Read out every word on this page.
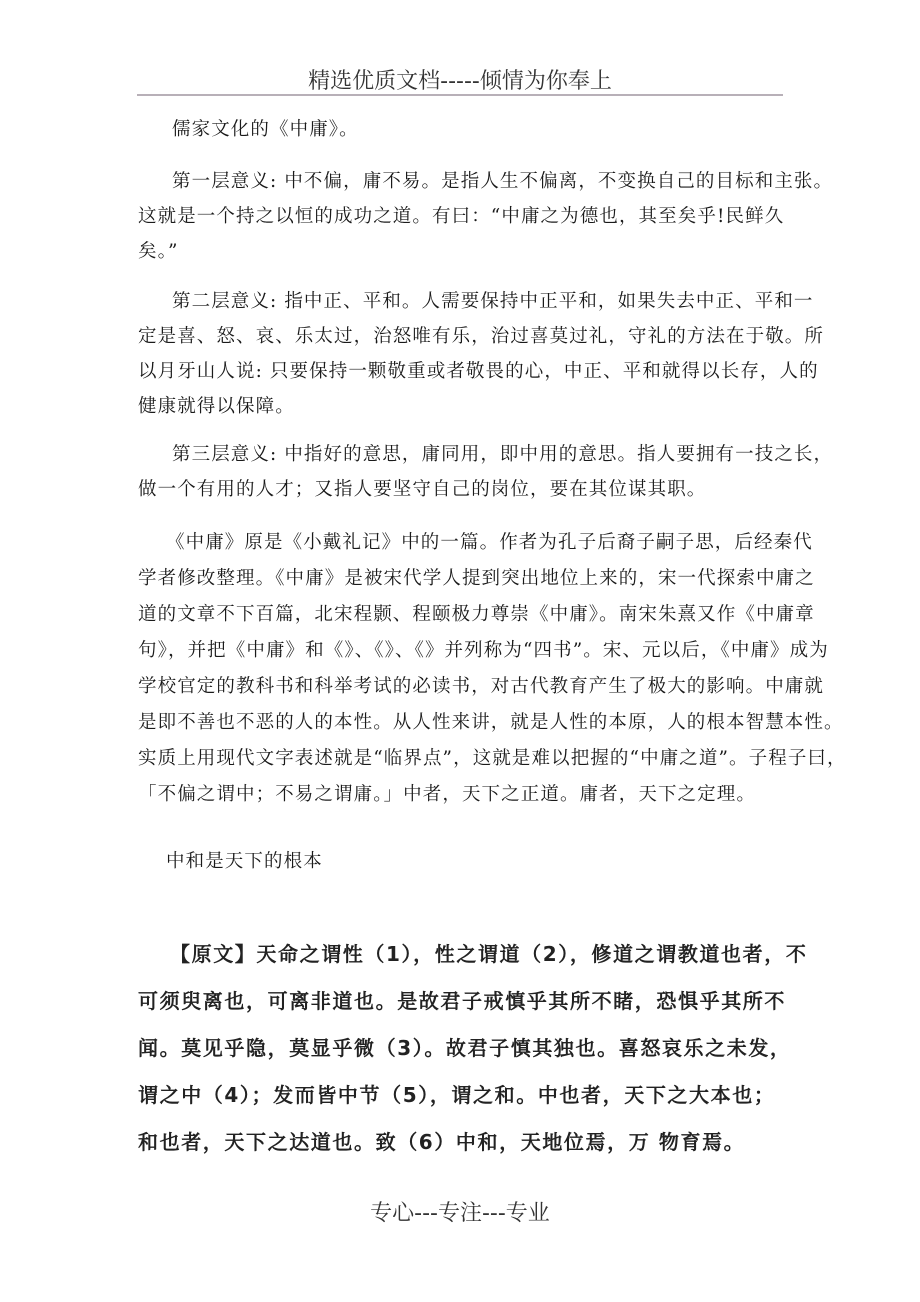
精选优质文档-----倾情为你奉上
儒家文化的《中庸》。
第一层意义: 中不偏，庸不易。是指人生不偏离，不变换自己的目标和主张。
这就是一个持之以恒的成功之道。有曰：“中庸之为德也，其至矣乎!民鲜久
矣。”
第二层意义: 指中正、平和。人需要保持中正平和，如果失去中正、平和一
定是喜、怒、哀、乐太过，治怒唯有乐，治过喜莫过礼，守礼的方法在于敬。所
以月牙山人说: 只要保持一颗敬重或者敬畏的心，中正、平和就得以长存，人的
健康就得以保障。
第三层意义: 中指好的意思，庸同用，即中用的意思。指人要拥有一技之长，
做一个有用的人才；又指人要坚守自己的岗位，要在其位谋其职。
《中庸》原是《小戴礼记》中的一篇。作者为孔子后裔子嗣子思，后经秦代
学者修改整理。《中庸》是被宋代学人提到突出地位上来的，宋一代探索中庸之
道的文章不下百篇，北宋程颢、程颐极力尊崇《中庸》。南宋朱熹又作《中庸章
句》，并把《中庸》和《》、《》、《》并列称为“四书”。宋、元以后，《中庸》成为
学校官定的教科书和科举考试的必读书，对古代教育产生了极大的影响。中庸就
是即不善也不恶的人的本性。从人性来讲，就是人性的本原，人的根本智慧本性。
实质上用现代文字表述就是“临界点”，这就是难以把握的“中庸之道”。子程子曰，
「不偏之谓中；不易之谓庸。」中者，天下之正道。庸者，天下之定理。
中和是天下的根本
【原文】天命之谓性（1），性之谓道（2），修道之谓教道也者，不
可须臾离也，可离非道也。是故君子戒慎乎其所不睹，恐惧乎其所不
闻。莫见乎隐，莫显乎微（3）。故君子慎其独也。喜怒哀乐之未发，
谓之中（4）；发而皆中节（5），谓之和。中也者，天下之大本也；
和也者，天下之达道也。致（6）中和，天地位焉，万 物育焉。
专心---专注---专业
